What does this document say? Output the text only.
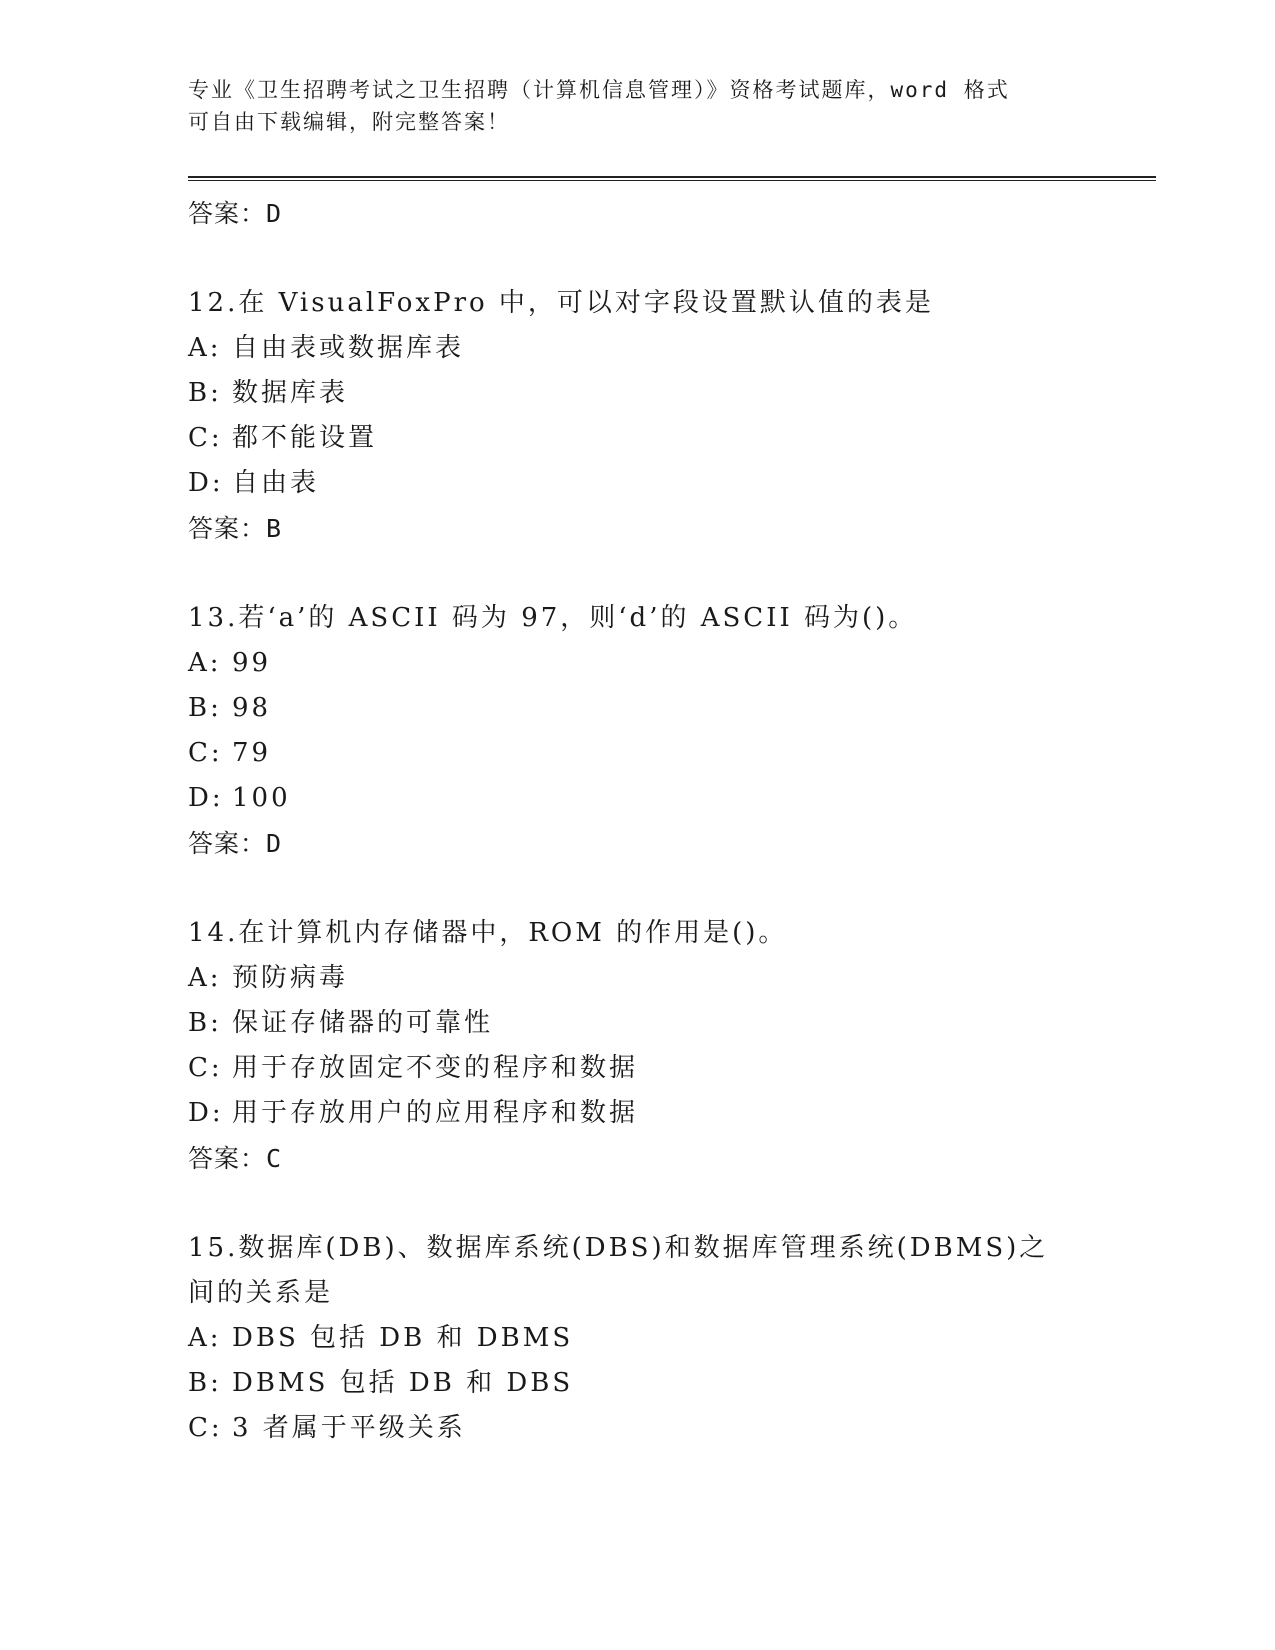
专业《卫生招聘考试之卫生招聘（计算机信息管理）》资格考试题库，word 格式
可自由下载编辑，附完整答案！
答案：D
12.在 VisualFoxPro 中，可以对字段设置默认值的表是
A: 自由表或数据库表
B: 数据库表
C: 都不能设置
D: 自由表
答案：B
13.若‘a’的 ASCII 码为 97，则‘d’的 ASCII 码为()。
A: 99
B: 98
C: 79
D: 100
答案：D
14.在计算机内存储器中，ROM 的作用是()。
A: 预防病毒
B: 保证存储器的可靠性
C: 用于存放固定不变的程序和数据
D: 用于存放用户的应用程序和数据
答案：C
15.数据库(DB)、数据库系统(DBS)和数据库管理系统(DBMS)之间的关系是
A: DBS 包括 DB 和 DBMS
B: DBMS 包括 DB 和 DBS
C: 3 者属于平级关系
